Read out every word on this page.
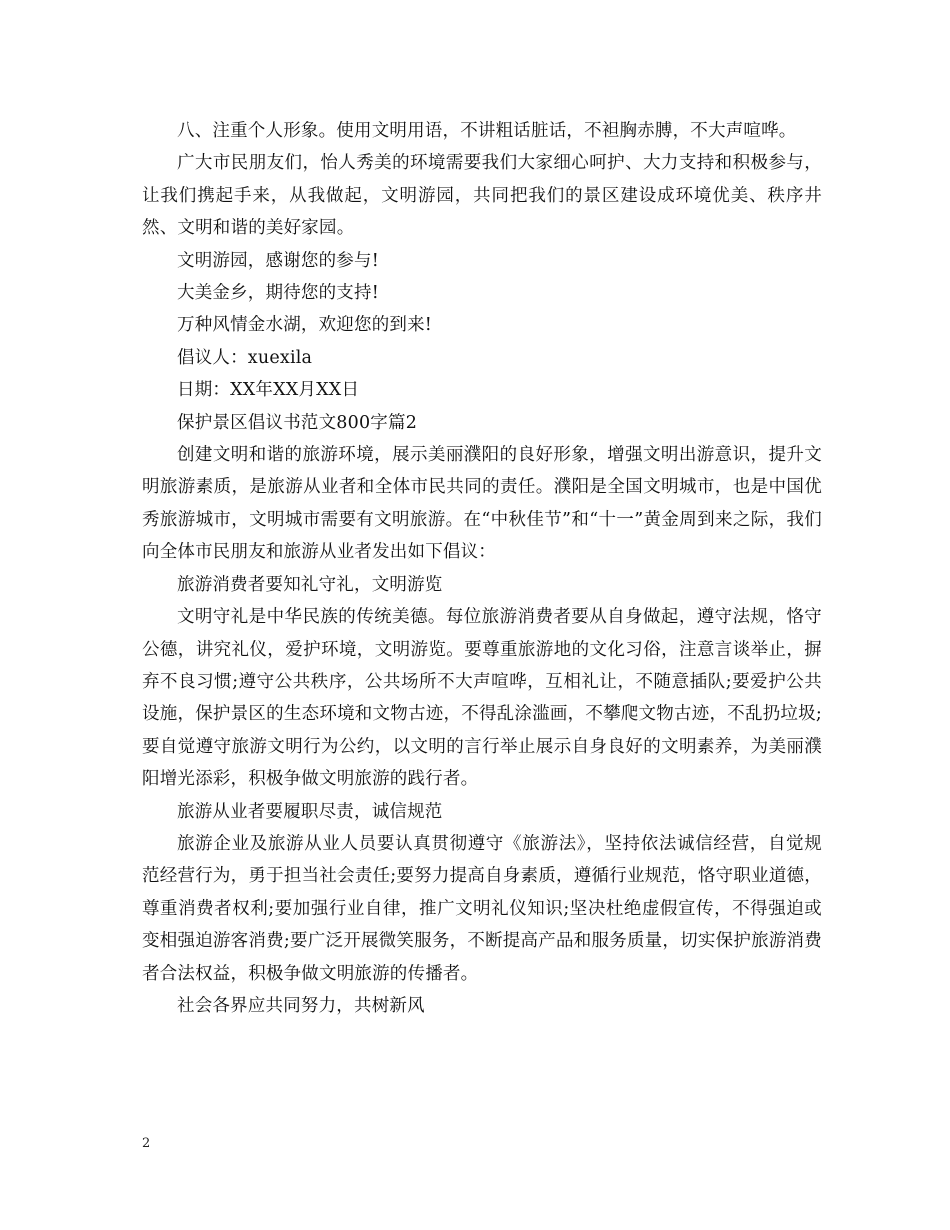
八、注重个人形象。使用文明用语，不讲粗话脏话，不袒胸赤膊，不大声喧哗。

广大市民朋友们，怡人秀美的环境需要我们大家细心呵护、大力支持和积极参与，让我们携起手来，从我做起，文明游园，共同把我们的景区建设成环境优美、秩序井然、文明和谐的美好家园。

文明游园，感谢您的参与!

大美金乡，期待您的支持!

万种风情金水湖，欢迎您的到来!

倡议人：xuexila

日期：XX年XX月XX日

保护景区倡议书范文800字篇2

创建文明和谐的旅游环境，展示美丽濮阳的良好形象，增强文明出游意识，提升文明旅游素质，是旅游从业者和全体市民共同的责任。濮阳是全国文明城市，也是中国优秀旅游城市，文明城市需要有文明旅游。在“中秋佳节”和“十一”黄金周到来之际，我们向全体市民朋友和旅游从业者发出如下倡议：

旅游消费者要知礼守礼，文明游览

文明守礼是中华民族的传统美德。每位旅游消费者要从自身做起，遵守法规，恪守公德，讲究礼仪，爱护环境，文明游览。要尊重旅游地的文化习俗，注意言谈举止，摒弃不良习惯;遵守公共秩序，公共场所不大声喧哗，互相礼让，不随意插队;要爱护公共设施，保护景区的生态环境和文物古迹，不得乱涂滥画，不攀爬文物古迹，不乱扔垃圾;要自觉遵守旅游文明行为公约，以文明的言行举止展示自身良好的文明素养，为美丽濮阳增光添彩，积极争做文明旅游的践行者。

旅游从业者要履职尽责，诚信规范

旅游企业及旅游从业人员要认真贯彻遵守《旅游法》，坚持依法诚信经营，自觉规范经营行为，勇于担当社会责任;要努力提高自身素质，遵循行业规范，恪守职业道德，尊重消费者权利;要加强行业自律，推广文明礼仪知识;坚决杜绝虚假宣传，不得强迫或变相强迫游客消费;要广泛开展微笑服务，不断提高产品和服务质量，切实保护旅游消费者合法权益，积极争做文明旅游的传播者。

社会各界应共同努力，共树新风

2
